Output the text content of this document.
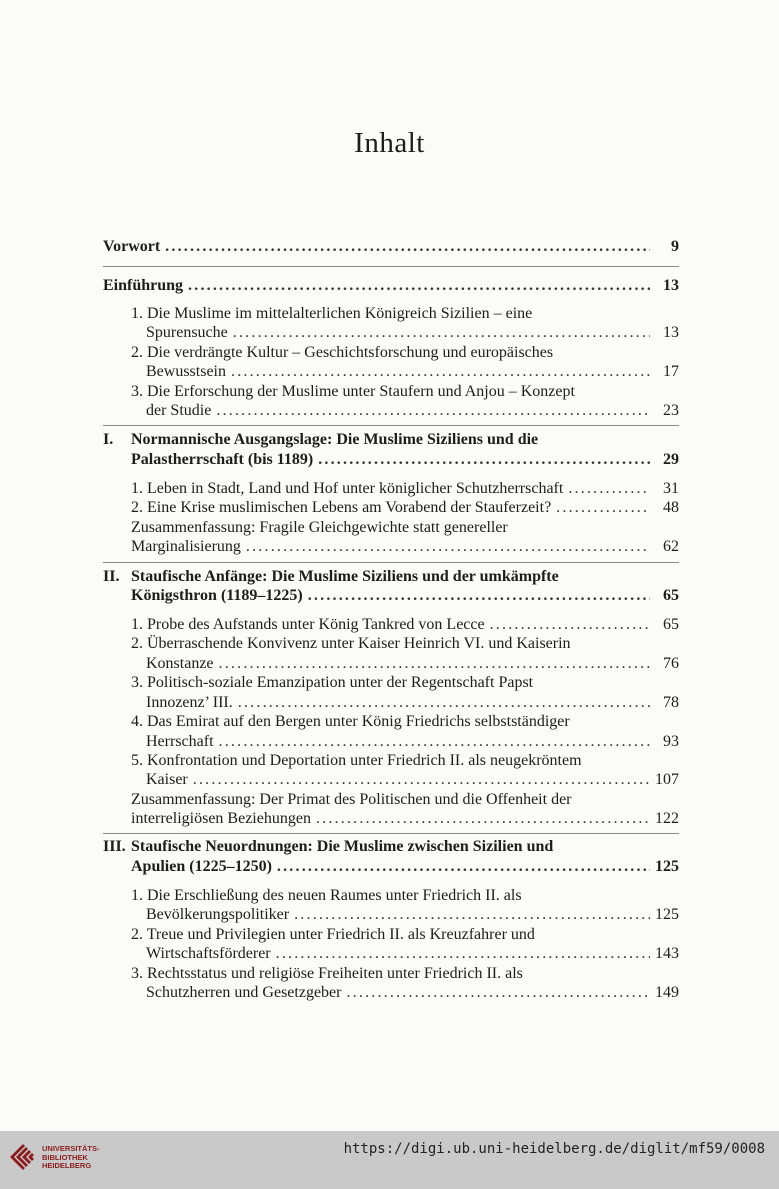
Inhalt
Vorwort .....	9
Einführung .....	13
1. Die Muslime im mittelalterlichen Königreich Sizilien – eine
Spurensuche .....	13
2. Die verdrängte Kultur – Geschichtsforschung und europäisches
Bewusstsein .....	17
3. Die Erforschung der Muslime unter Staufern und Anjou – Konzept
der Studie .....	23
I. Normannische Ausgangslage: Die Muslime Siziliens und die
Palastherrschaft (bis 1189) .....	29
1. Leben in Stadt, Land und Hof unter königlicher Schutzherrschaft .....	31
2. Eine Krise muslimischen Lebens am Vorabend der Stauferzeit? .....	48
Zusammenfassung: Fragile Gleichgewichte statt genereller
Marginalisierung .....	62
II. Staufische Anfänge: Die Muslime Siziliens und der umkämpfte
Königsthron (1189–1225) .....	65
1. Probe des Aufstands unter König Tankred von Lecce .....	65
2. Überraschende Konvivenz unter Kaiser Heinrich VI. und Kaiserin
Konstanze .....	76
3. Politisch-soziale Emanzipation unter der Regentschaft Papst
Innozenz’ III. .....	78
4. Das Emirat auf den Bergen unter König Friedrichs selbstständiger
Herrschaft .....	93
5. Konfrontation und Deportation unter Friedrich II. als neugekröntem
Kaiser .....	107
Zusammenfassung: Der Primat des Politischen und die Offenheit der
interreligiösen Beziehungen .....	122
III. Staufische Neuordnungen: Die Muslime zwischen Sizilien und
Apulien (1225–1250) .....	125
1. Die Erschließung des neuen Raumes unter Friedrich II. als
Bevölkerungspolitiker .....	125
2. Treue und Privilegien unter Friedrich II. als Kreuzfahrer und
Wirtschaftsförderer .....	143
3. Rechtsstatus und religiöse Freiheiten unter Friedrich II. als
Schutzherren und Gesetzgeber .....	149
UNIVERSITÄTS-
BIBLIOTHEK
HEIDELBERG
https://digi.ub.uni-heidelberg.de/diglit/mf59/0008
